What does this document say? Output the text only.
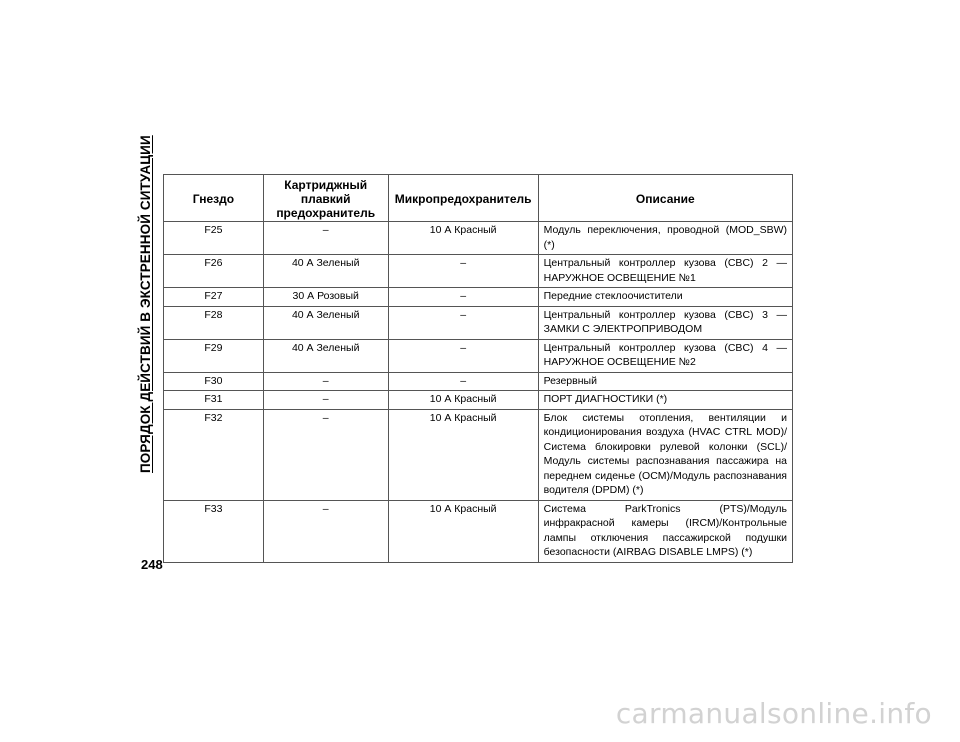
ПОРЯДОК ДЕЙСТВИЙ В ЭКСТРЕННОЙ СИТУАЦИИ	Гнездо	Картриджный плавкий предохранитель	Микропредохранитель	Описание
F25	–	10 А Красный	Модуль переключения, проводной (MOD_SBW) (*)
F26	40 А Зеленый	–	Центральный контроллер кузова (CBC) 2 — НАРУЖНОЕ ОСВЕЩЕНИЕ №1
F27	30 А Розовый	–	Передние стеклоочистители
F28	40 А Зеленый	–	Центральный контроллер кузова (CBC) 3 — ЗАМКИ С ЭЛЕКТРОПРИВОДОМ
F29	40 А Зеленый	–	Центральный контроллер кузова (CBC) 4 — НАРУЖНОЕ ОСВЕЩЕНИЕ №2
F30	–	–	Резервный
F31	–	10 А Красный	ПОРТ ДИАГНОСТИКИ (*)
F32	–	10 А Красный	Блок системы отопления, вентиляции и кондиционирования воздуха (HVAC CTRL MOD)/ Система блокировки рулевой колонки (SCL)/ Модуль системы распознавания пассажира на переднем сиденье (OCM)/Модуль распознавания водителя (DPDM) (*)
F33	–	10 А Красный	Система ParkTronics (PTS)/Модуль инфракрасной камеры (IRCM)/Контрольные лампы отключения пассажирской подушки безопасности (AIRBAG DISABLE LMPS) (*)
248
carmanualsonline.info
